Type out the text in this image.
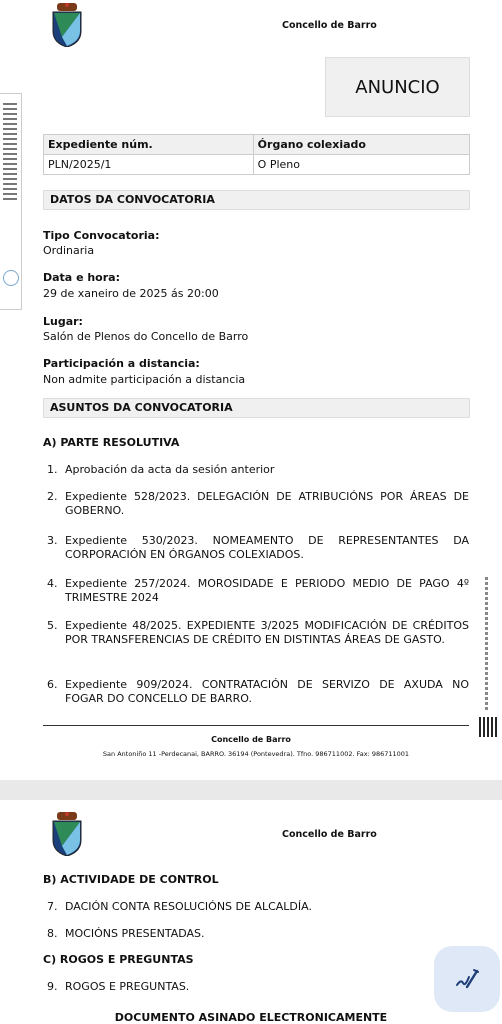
Concello de Barro
ANUNCIO
Expediente núm.	Órgano colexiado
PLN/2025/1	O Pleno
DATOS DA CONVOCATORIA
Tipo Convocatoria:
Ordinaria
Data e hora:
29 de xaneiro de 2025 ás 20:00
Lugar:
Salón de Plenos do Concello de Barro
Participación a distancia:
Non admite participación a distancia
ASUNTOS DA CONVOCATORIA
A) PARTE RESOLUTIVA
1. Aprobación da acta da sesión anterior
2. Expediente 528/2023. DELEGACIÓN DE ATRIBUCIÓNS POR ÁREAS DE GOBERNO.
3. Expediente 530/2023. NOMEAMENTO DE REPRESENTANTES DA CORPORACIÓN EN ÓRGANOS COLEXIADOS.
4. Expediente 257/2024. MOROSIDADE E PERIODO MEDIO DE PAGO 4º TRIMESTRE 2024
5. Expediente 48/2025. EXPEDIENTE 3/2025 MODIFICACIÓN DE CRÉDITOS POR TRANSFERENCIAS DE CRÉDITO EN DISTINTAS ÁREAS DE GASTO.
6. Expediente 909/2024. CONTRATACIÓN DE SERVIZO DE AXUDA NO FOGAR DO CONCELLO DE BARRO.
Concello de Barro
San Antoniño 11 -Perdecanai, BARRO. 36194 (Pontevedra). Tfno. 986711002. Fax: 986711001
Concello de Barro
B) ACTIVIDADE DE CONTROL
7. DACIÓN CONTA RESOLUCIÓNS DE ALCALDÍA.
8. MOCIÓNS PRESENTADAS.
C) ROGOS E PREGUNTAS
9. ROGOS E PREGUNTAS.
DOCUMENTO ASINADO ELECTRONICAMENTE
